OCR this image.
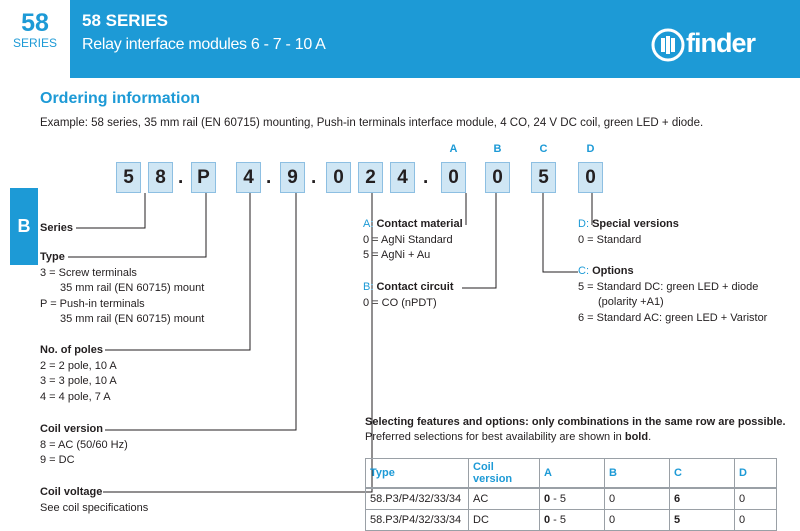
58
SERIES
58 SERIES
Relay interface modules 6 - 7 - 10 A	finder
B
Ordering information
Example: 58 series, 35 mm rail (EN 60715) mounting, Push-in terminals interface module, 4 CO, 24 V DC coil, green LED + diode.
5	8 . P	4 . 9 . 0	2	4 .	0	0	5	0
A	B	C	D
Series
Type
3 = Screw terminals
35 mm rail (EN 60715) mount
P = Push-in terminals
35 mm rail (EN 60715) mount
No. of poles
2 = 2 pole, 10 A
3 = 3 pole, 10 A
4 = 4 pole, 7 A
Coil version
8 = AC (50/60 Hz)
9 = DC
Coil voltage
See coil specifications
A: Contact material
0 = AgNi Standard
5 = AgNi + Au
B: Contact circuit
0 = CO (nPDT)
D: Special versions
0 = Standard
C: Options
5 = Standard DC: green LED + diode
(polarity +A1)
6 = Standard AC: green LED + Varistor
Selecting features and options: only combinations in the same row are possible.
Preferred selections for best availability are shown in bold.
Type	Coil version	A	B	C	D
58.P3/P4/32/33/34	AC	0 - 5	0	6	0
58.P3/P4/32/33/34	DC	0 - 5	0	5	0
